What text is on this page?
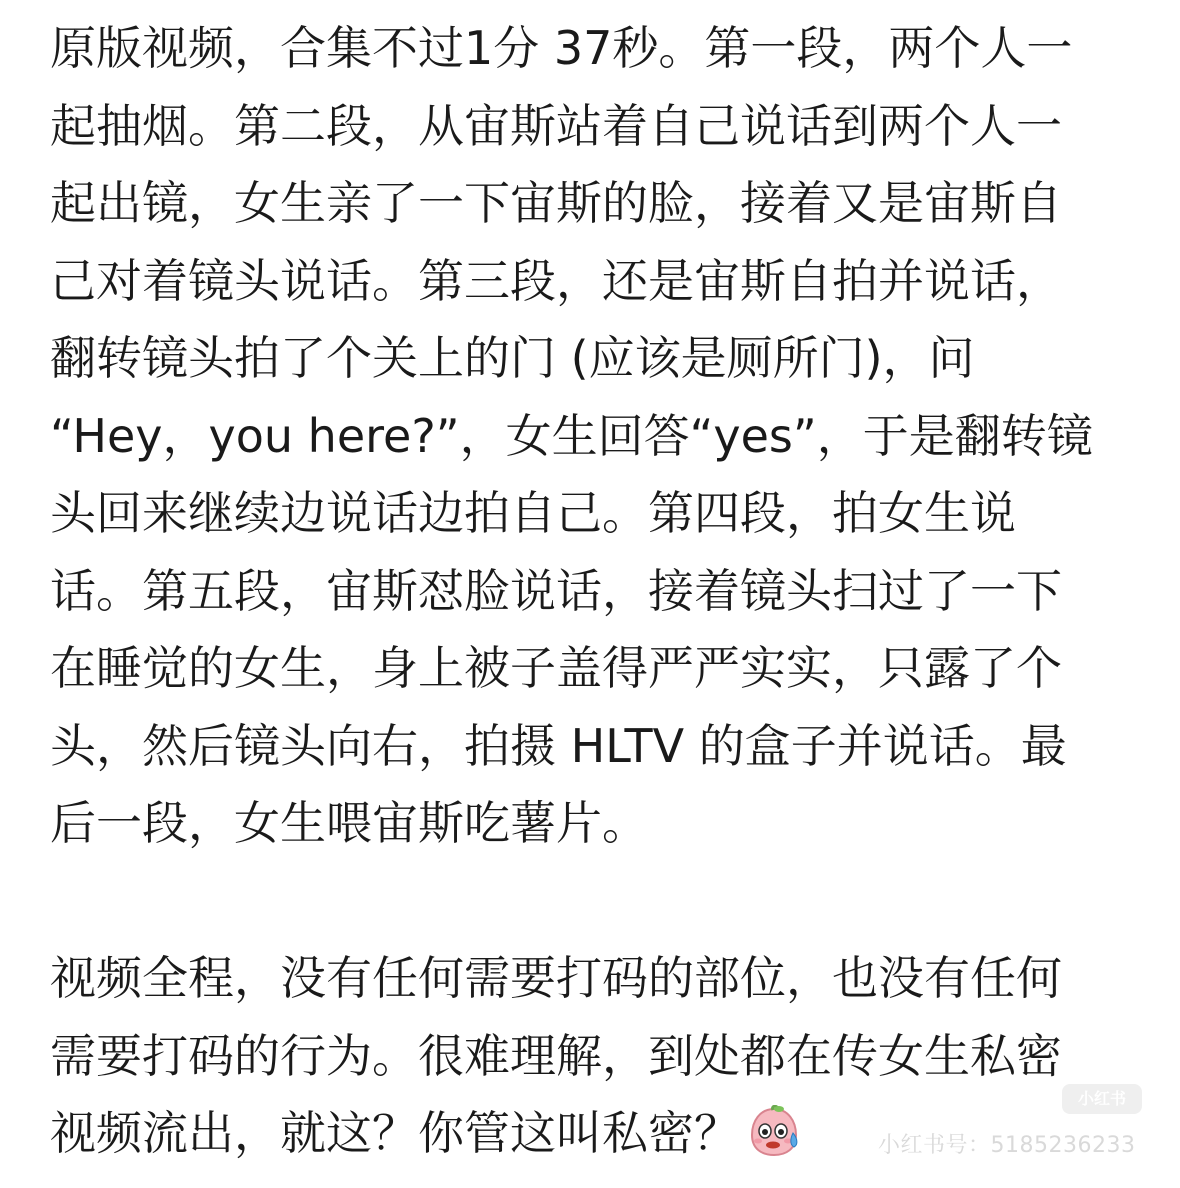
原版视频，合集不过1分 37秒。第一段，两个人一
起抽烟。第二段，从宙斯站着自己说话到两个人一
起出镜，女生亲了一下宙斯的脸，接着又是宙斯自
己对着镜头说话。第三段，还是宙斯自拍并说话，
翻转镜头拍了个关上的门 (应该是厕所门)，问
“Hey，you here?”，女生回答“yes”，于是翻转镜
头回来继续边说话边拍自己。第四段，拍女生说
话。第五段，宙斯怼脸说话，接着镜头扫过了一下
在睡觉的女生，身上被子盖得严严实实，只露了个
头，然后镜头向右，拍摄 HLTV 的盒子并说话。最
后一段，女生喂宙斯吃薯片。
视频全程，没有任何需要打码的部位，也没有任何
需要打码的行为。很难理解，到处都在传女生私密
视频流出，就这？你管这叫私密？
小红书
小红书号：5185236233
